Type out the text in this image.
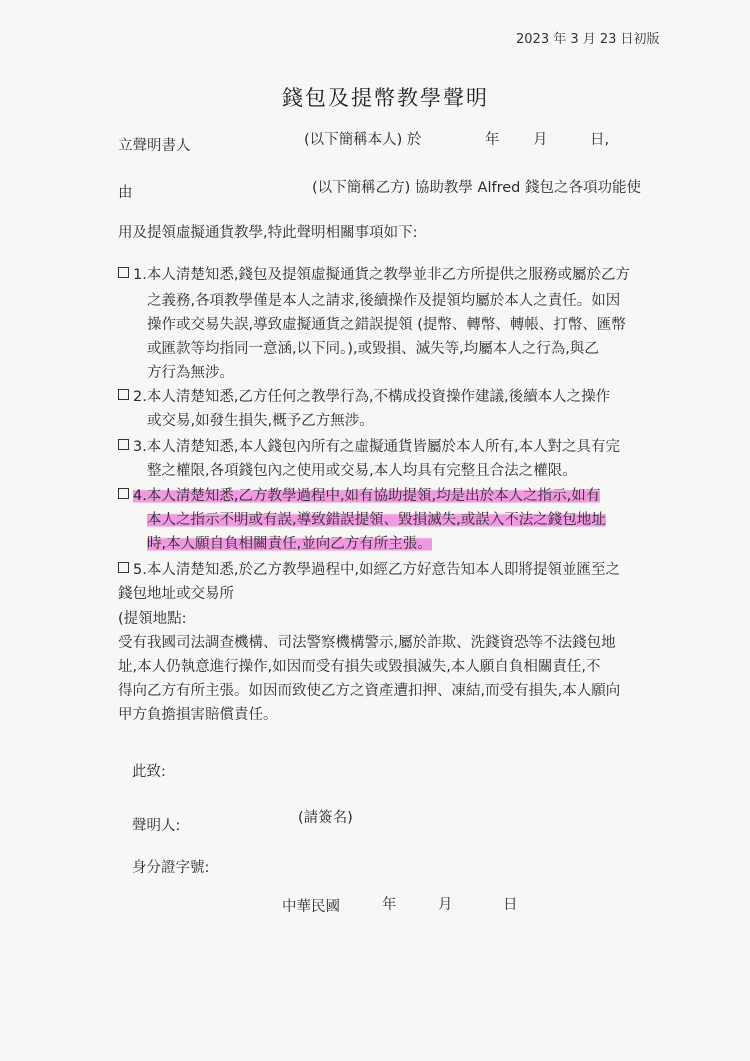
2023 年 3 月 23 日初版
錢包及提幣教學聲明
立聲明書人	(以下簡稱本人) 於	年 月	日,
由	(以下簡稱乙方) 協助教學 Alfred 錢包之各項功能使
用及提領虛擬通貨教學,特此聲明相關事項如下:
1.本人清楚知悉,錢包及提領虛擬通貨之教學並非乙方所提供之服務或屬於乙方
之義務,各項教學僅是本人之請求,後續操作及提領均屬於本人之責任。如因
操作或交易失誤,導致虛擬通貨之錯誤提領 (提幣、轉幣、轉帳、打幣、匯幣
或匯款等均指同一意涵,以下同。),或毀損、滅失等,均屬本人之行為,與乙
方行為無涉。
2.本人清楚知悉,乙方任何之教學行為,不構成投資操作建議,後續本人之操作
或交易,如發生損失,概予乙方無涉。
3.本人清楚知悉,本人錢包內所有之虛擬通貨皆屬於本人所有,本人對之具有完
整之權限,各項錢包內之使用或交易,本人均具有完整且合法之權限。
4.本人清楚知悉,乙方教學過程中,如有協助提領,均是出於本人之指示,如有
本人之指示不明或有誤,導致錯誤提領、毀損滅失,或誤入不法之錢包地址
時,本人願自負相關責任,並向乙方有所主張。
5.本人清楚知悉,於乙方教學過程中,如經乙方好意告知本人即將提領並匯至之
錢包地址或交易所
(提領地點:
受有我國司法調查機構、司法警察機構警示,屬於詐欺、洗錢資恐等不法錢包地
址,本人仍執意進行操作,如因而受有損失或毀損滅失,本人願自負相關責任,不
得向乙方有所主張。如因而致使乙方之資產遭扣押、凍結,而受有損失,本人願向
甲方負擔損害賠償責任。
此致:
聲明人:	(請簽名)
身分證字號:
中華民國	年	月	日
